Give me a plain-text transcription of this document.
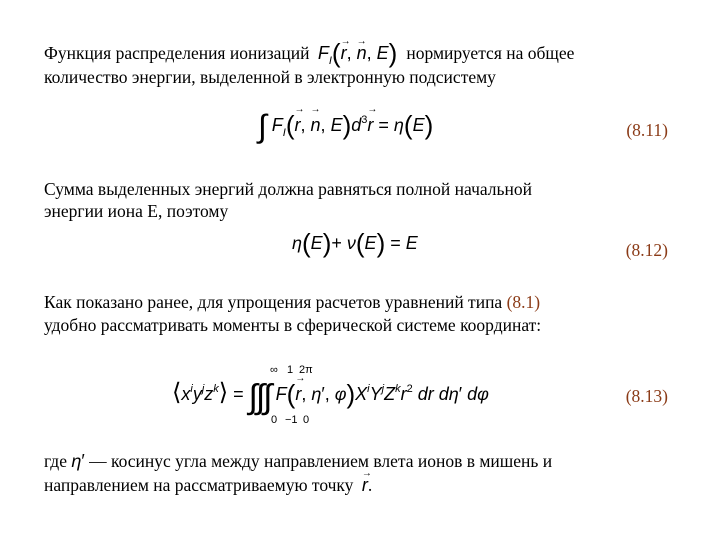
Функция распределения ионизаций $F_I(\to r$, → n, E) нормируется на общее
количество энергии, выделенной в электронную подсистему
∫ $F_I(\to r$, → n, $E)d^3\to r = \eta(E)$	(8.11)
Сумма выделенных энергий должна равняться полной начальной
энергии иона E, поэтому
η(E)+ ν(E) = E	(8.12)
Как показано ранее, для упрощения расчетов уравнений типа (8.1)
удобно рассматривать моменты в сферической системе координат:
$⟨x^iy^jz^k⟩$ = ∫∫∫ F(→ r, η′, $\varphi)X^iY^jZ^kr^2$ dr dη′ dφ
∞ 1 2π
0 −1 0
(8.13)
где η′ — косинус угла между направлением влета ионов в мишень и
направлением на рассматриваемую точку → r.
